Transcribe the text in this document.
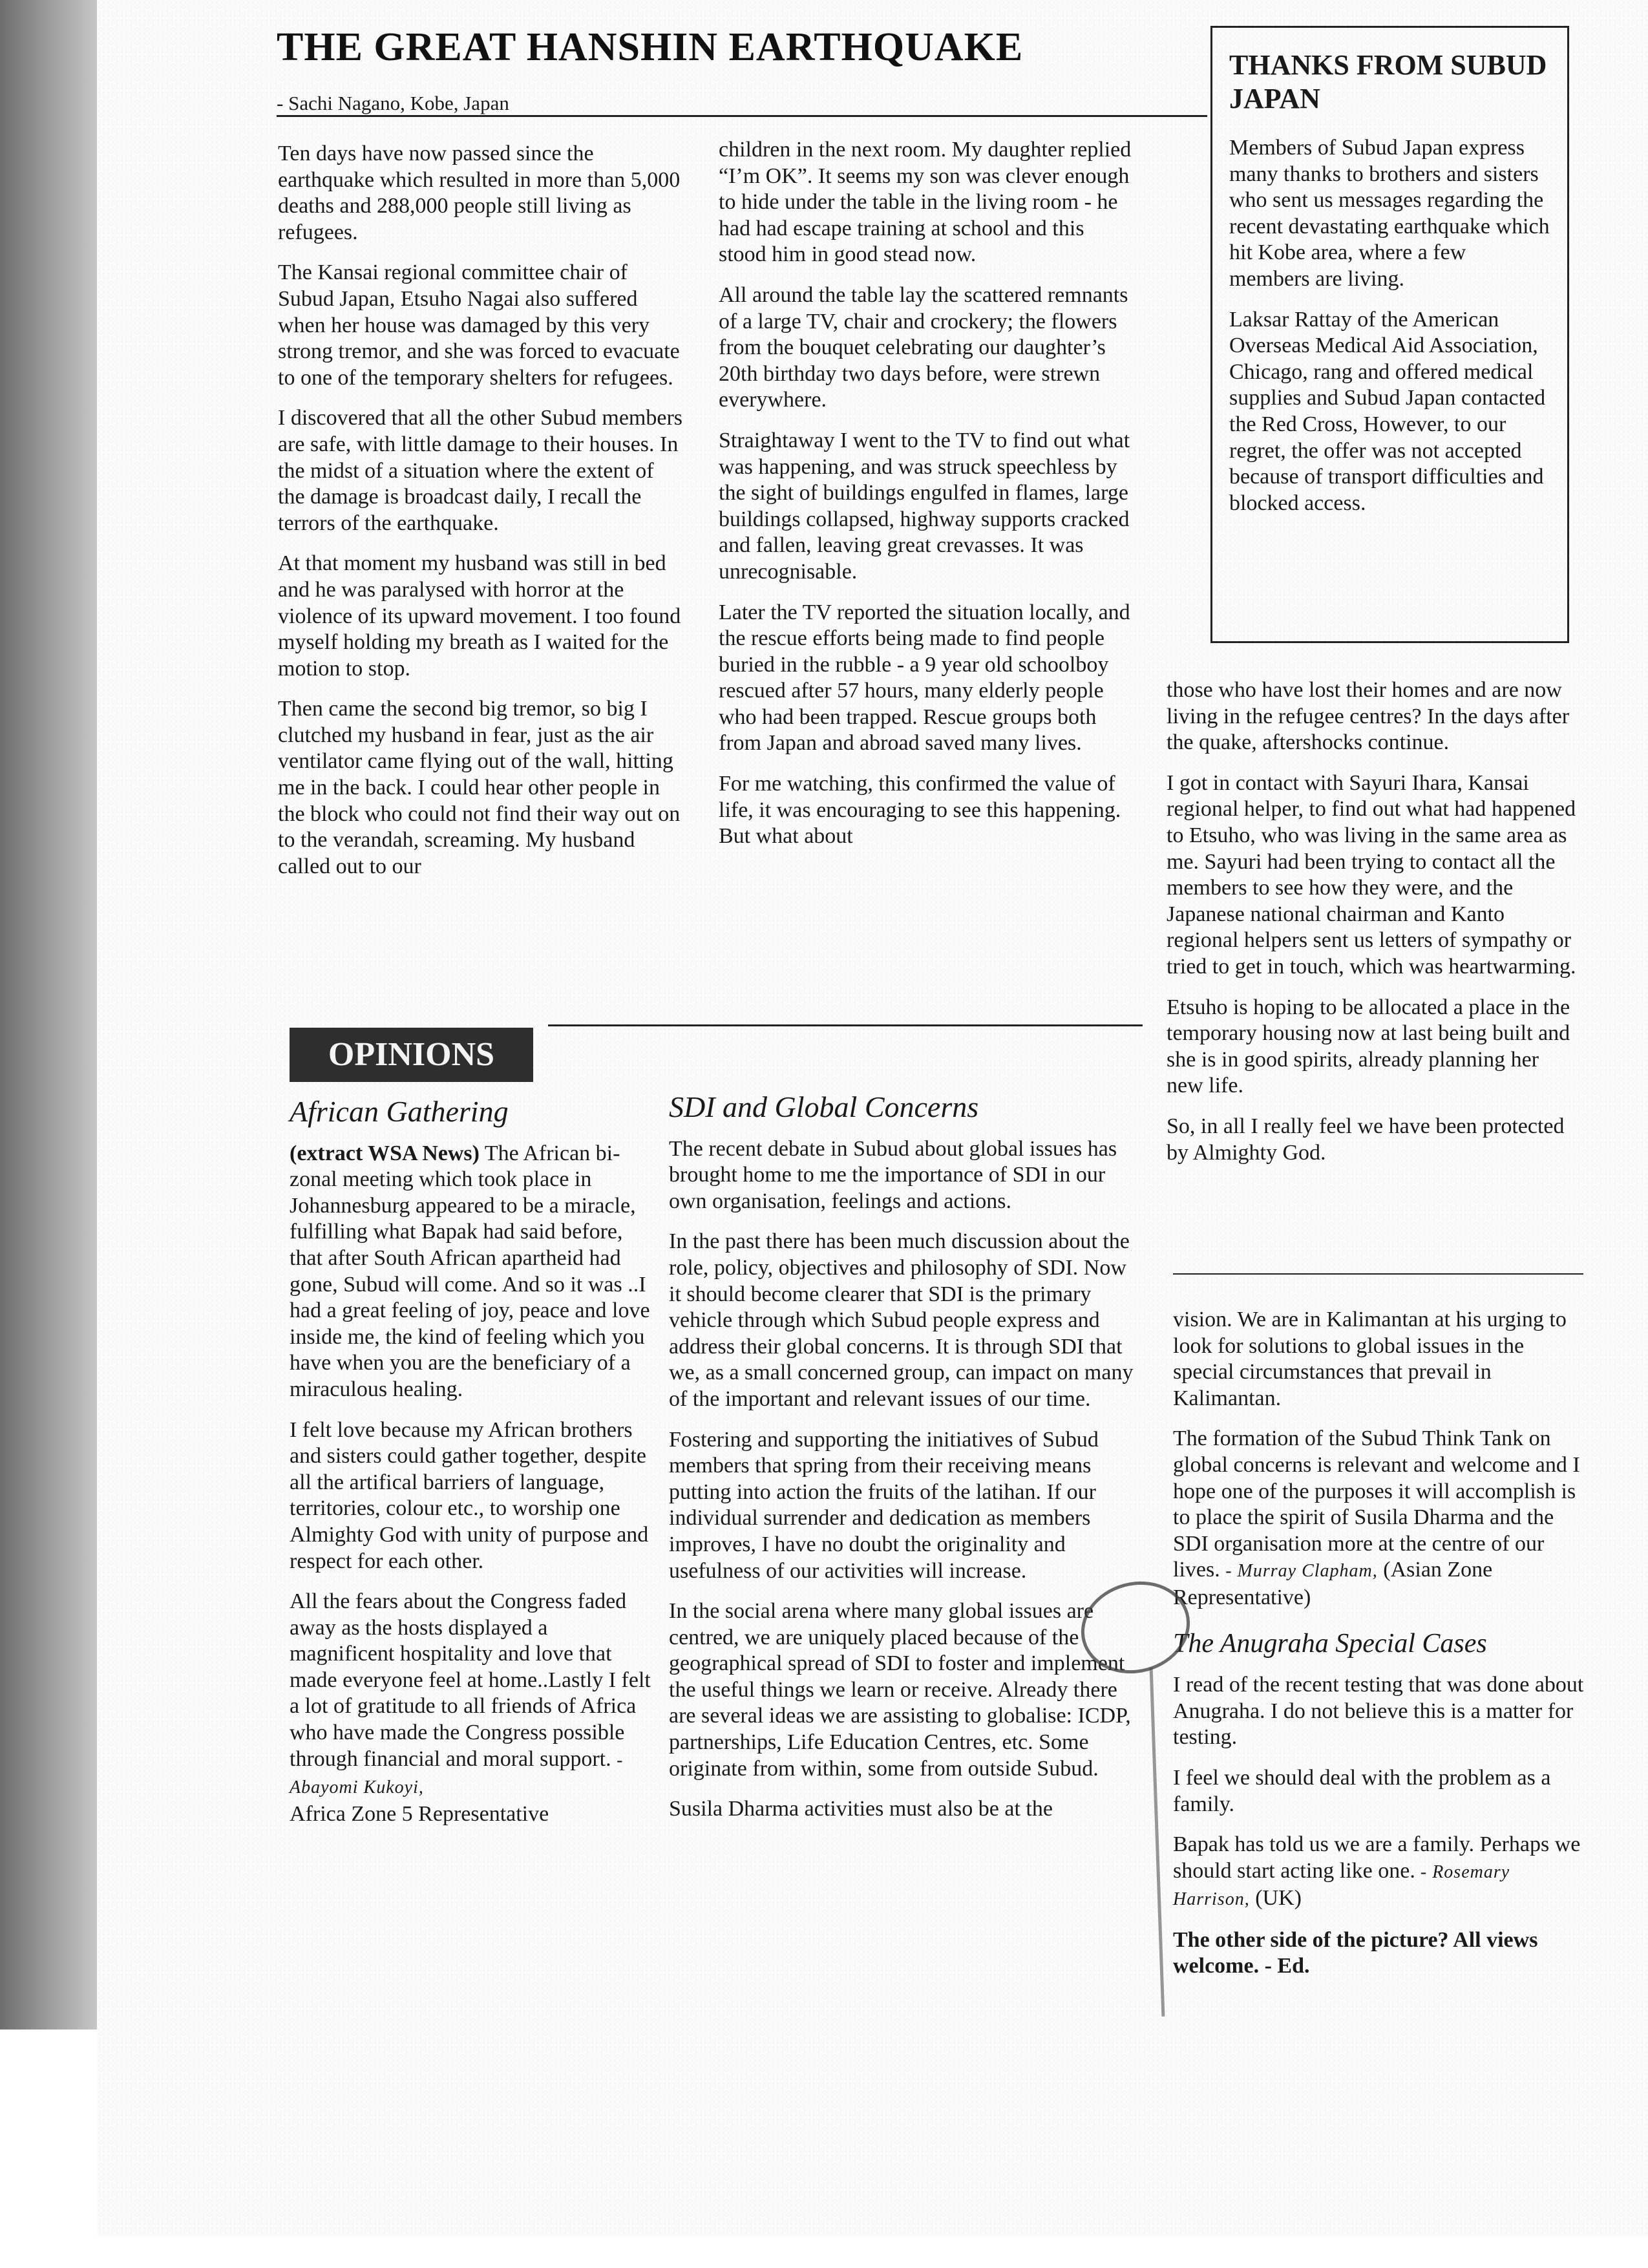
THE GREAT HANSHIN EARTHQUAKE
- Sachi Nagano, Kobe, Japan
THANKS FROM SUBUD JAPAN

Members of Subud Japan express many thanks to brothers and sisters who sent us messages regarding the recent devastating earthquake which hit Kobe area, where a few members are living.

Laksar Rattay of the American Overseas Medical Aid Association, Chicago, rang and offered medical supplies and Subud Japan contacted the Red Cross, However, to our regret, the offer was not accepted because of transport difficulties and blocked access.

Ten days have now passed since the earthquake which resulted in more than 5,000 deaths and 288,000 people still living as refugees.

The Kansai regional committee chair of Subud Japan, Etsuho Nagai also suffered when her house was damaged by this very strong tremor, and she was forced to evacuate to one of the temporary shelters for refugees.

I discovered that all the other Subud members are safe, with little damage to their houses. In the midst of a situation where the extent of the damage is broadcast daily, I recall the terrors of the earthquake.

At that moment my husband was still in bed and he was paralysed with horror at the violence of its upward movement. I too found myself holding my breath as I waited for the motion to stop.

Then came the second big tremor, so big I clutched my husband in fear, just as the air ventilator came flying out of the wall, hitting me in the back. I could hear other people in the block who could not find their way out on to the verandah, screaming. My husband called out to our

children in the next room. My daughter replied “I’m OK”. It seems my son was clever enough to hide under the table in the living room - he had had escape training at school and this stood him in good stead now.

All around the table lay the scattered remnants of a large TV, chair and crockery; the flowers from the bouquet celebrating our daughter’s 20th birthday two days before, were strewn everywhere.

Straightaway I went to the TV to find out what was happening, and was struck speechless by the sight of buildings engulfed in flames, large buildings collapsed, highway supports cracked and fallen, leaving great crevasses. It was unrecognisable.

Later the TV reported the situation locally, and the rescue efforts being made to find people buried in the rubble - a 9 year old schoolboy rescued after 57 hours, many elderly people who had been trapped. Rescue groups both from Japan and abroad saved many lives.

For me watching, this confirmed the value of life, it was encouraging to see this happening. But what about

those who have lost their homes and are now living in the refugee centres? In the days after the quake, aftershocks continue.

I got in contact with Sayuri Ihara, Kansai regional helper, to find out what had happened to Etsuho, who was living in the same area as me. Sayuri had been trying to contact all the members to see how they were, and the Japanese national chairman and Kanto regional helpers sent us letters of sympathy or tried to get in touch, which was heartwarming.

Etsuho is hoping to be allocated a place in the temporary housing now at last being built and she is in good spirits, already planning her new life.

So, in all I really feel we have been protected by Almighty God.

OPINIONS
African Gathering

(extract WSA News) The African bi-zonal meeting which took place in Johannesburg appeared to be a miracle, fulfilling what Bapak had said before, that after South African apartheid had gone, Subud will come. And so it was ..I had a great feeling of joy, peace and love inside me, the kind of feeling which you have when you are the beneficiary of a miraculous healing.

I felt love because my African brothers and sisters could gather together, despite all the artifical barriers of language, territories, colour etc., to worship one Almighty God with unity of purpose and respect for each other.

All the fears about the Congress faded away as the hosts displayed a magnificent hospitality and love that made everyone feel at home..Lastly I felt a lot of gratitude to all friends of Africa who have made the Congress possible through financial and moral support. - Abayomi Kukoyi,
Africa Zone 5 Representative

SDI and Global Concerns

The recent debate in Subud about global issues has brought home to me the importance of SDI in our own organisation, feelings and actions.

In the past there has been much discussion about the role, policy, objectives and philosophy of SDI. Now it should become clearer that SDI is the primary vehicle through which Subud people express and address their global concerns. It is through SDI that we, as a small concerned group, can impact on many of the important and relevant issues of our time.

Fostering and supporting the initiatives of Subud members that spring from their receiving means putting into action the fruits of the latihan. If our individual surrender and dedication as members improves, I have no doubt the originality and usefulness of our activities will increase.

In the social arena where many global issues are centred, we are uniquely placed because of the geographical spread of SDI to foster and implement the useful things we learn or receive. Already there are several ideas we are assisting to globalise: ICDP, partnerships, Life Education Centres, etc. Some originate from within, some from outside Subud.

Susila Dharma activities must also be at the

vision. We are in Kalimantan at his urging to look for solutions to global issues in the special circumstances that prevail in Kalimantan.

The formation of the Subud Think Tank on global concerns is relevant and welcome and I hope one of the purposes it will accomplish is to place the spirit of Susila Dharma and the SDI organisation more at the centre of our lives. - Murray Clapham, (Asian Zone Representative)

The Anugraha Special Cases

I read of the recent testing that was done about Anugraha. I do not believe this is a matter for testing.

I feel we should deal with the problem as a family.

Bapak has told us we are a family. Perhaps we should start acting like one. - Rosemary Harrison, (UK)

The other side of the picture? All views welcome. - Ed.
